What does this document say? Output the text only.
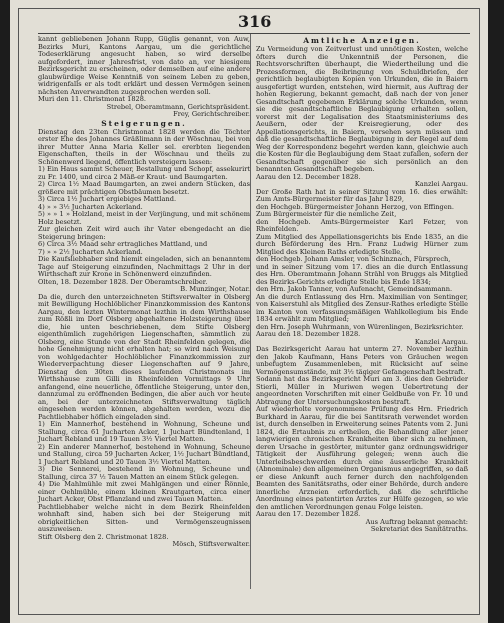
316

kannt gebliebenen Johann Rupp, Güglis genannt, von Auw, Bezirks Muri, Kantons Aargau, um die gerichtliche Todeserklärung angesucht haben, so wird derselbe aufgefordert, inner Jahresfrist, von dato an, vor hiesigem Bezirksgericht zu erscheinen, oder demselben auf eine andere glaubwürdige Weise Kenntniß von seinem Leben zu geben, widrigenfalls er als todt erklärt und dessen Vermögen seinen nächsten Anverwandten zugesprochen werden soll.

Muri den 11. Christmonat 1828.

Strebel, Oberamtmann, Gerichtspräsident.

Frey, Gerichtschreiber.

Steigerungen.

Dienstag den 23ten Christmonat 1828 werden die Töchter erster Ehe des Johannes Gräßlimann in der Wöschnau, bei von ihrer Mutter Anna Maria Keller sel. ererbten liegenden Eigenschaften, theils in der Wöschnau und theils zu Schönenwerd liegend, öffentlich versteigern lassen:

1) Ein Haus sammt Scheuer, Bestallung und Schopf, assekurirt zu Fr. 1400, und circa 2 Mäß-er Kraut- und Baumgarten.

2) Circa 1½ Maad Baumgarten, an zwei andern Stücken, das größere mit prächtigen Obstbäumen besetzt.

3) Circa 1½ Juchart ergiebiges Mattland.

4) » » 3½ Jucharten Ackerland.

5) » » 1 » Holzland, meist in der Verjüngung, und mit schönem Holz besetzt.

Zur gleichen Zeit wird auch ihr Vater ebengedacht an die Steigerung bringen:

6) Circa 3½ Maad sehr ertragliches Mattland, und

7) » » 2½ Jucharten Ackerland.

Die Kaufsliebhaber sind hiemit eingeladen, sich an benanntem Tage auf Steigerung einzufinden, Nachmittags 2 Uhr in der Wirthschaft zur Krone in Schönenwerd einzufinden.

Olten, 18. Dezember 1828. Der Oberamtschreiber.

B. Munzinger, Notar.

Da die, durch den unterzeichneten Stiftsverwalter in Olsberg mit Bewilligung Hochlöblicher Finanzkommission des Kantons Aargau, den lezten Wintermonat lezthin in dem Wirthshause zum Rößli im Dorf Olsberg abgehaltene Holzsteigerung über die, hie unten beschriebenen, dem Stifte Olsberg eigenthümlich zugehörigen Liegenschaften, sämmtlich zu Olsberg, eine Stunde von der Stadt Rheinfelden gelegen, die hohe Genehmigung nicht erhalten hat; so wird nach Weisung von wohlgedachter Hochlöblicher Finanzkommission zur Wiederverpachtung dieser Liegenschaften auf 9 Jahre, Dienstag den 30ten dieses laufenden Christmonats im Wirthshause zum Gilli in Rheinfelden Vormittags 9 Uhr anfangend, eine neuerliche, öffentliche Steigerung, unter den, dannzumal zu eröffnenden Bedingen, die aber auch vor heute an, bei der unterzeichneten Stiftsverwaltung täglich eingesehen werden können, abgehalten werden, wozu die Pachtliebhaber höflich eingeladen sind.

1) Ein Mannerhof, bestehend in Wohnung, Scheune und Stallung, circa 61 Jucharten Acker, 1 Juchart Bündtenland, 1 Juchart Rebland und 19 Tauen 3½ Viertel Matten.

2) Ein anderer Mannerhof, bestehend in Wohnung, Scheune und Stallung, circa 59 Jucharten Acker, 1½ Juchart Bündtland, 1 Juchart Rebland und 20 Tauen 3½ Viertel Matten.

3) Die Sennerei, bestehend in Wohnung, Scheune und Stallung, circa 37 ½ Tauen Matten an einem Stück gelegen.

4) Die Mahlmühle mit zwei Mahlgängen und einer Rönnle, einer Oehlmühle, einem kleinen Krautgarten, circa einer Juchart Acker, Obst Pflanzland und zwei Tauen Matten.

Pachtliebhaber welche nicht in dem Bezirk Rheinfelden wohnhaft sind, haben sich bei der Steigerung mit obrigkeitlichen Sitten- und Vermögenszeugnissen auszuweisen.

Stift Olsberg den 2. Christmonat 1828.

Mösch, Stiftsverwalter.

Amtliche Anzeigen.

Zu Vermeidung von Zeitverlust und unnötigen Kosten, welche öfters durch die Unkenntniß der Personen, die Rechtsvorschriften überhaupt, die Wiedertheilung und die Prozessformen, die Beibringung von Schuldbriefen, der gerichtlich beglaubigten Kopien von Urkunden, die in Baiern ausgefertigt wurden, entstehen, wird hiermit, aus Auftrag der hohen Regierung, bekannt gemacht, daß nach der von jener Gesandtschaft gegebenen Erklärung solche Urkunden, wenn sie die gesandtschaftliche Beglaubigung erhalten sollen, vorerst mit der Legalisation des Staatsministeriums des Aeußern, oder der Kreisregierung, oder des Appellationsgerichts, in Baiern, versehen seyn müssen und daß die gesandtschaftliche Beglaubigung in der Regel auf dem Weg der Korrespondenz begehrt werden kann, gleichwie auch die Kosten für die Beglaubigung dem Staat zufallen, sofern der Gesandtschaft gegenüber sie sich persönlich an den benannten Gesandtschaft begeben.

Aarau den 12. December 1828.

Kanzlei Aargau.

Der Große Rath hat in seiner Sitzung vom 16. dies erwählt: Zum Amts-Bürgermeister für das Jahr 1829,

den Hochgeb. Bürgermeister Johann Herzog, von Effingen.

Zum Bürgermeister für die nemliche Zeit,

den Hochgeb. Amts-Bürgermeister Karl Fetzer, von Rheinfelden.

Zum Mitglied des Appellationsgerichts bis Ende 1835, an die durch Beförderung des Hrn. Franz Ludwig Hürner zum Mitglied des Kleinen Raths erledigte Stelle,

den Hochgeb. Johann Amsler, von Schinznach, Fürsprech,

und in seiner Sitzung vom 17. dies an die durch Entlassung des Hrn. Oberamtmann Johann Strähl von Bruggs als Mitglied des Bezirks-Gerichts erledigte Stelle bis Ende 1834;

den Hrn. Jakob Tanner, von Aufenacht, Gemeindsammann.

An die durch Entlassung des Hrn. Maximilian von Sentinger, von Kaiserstuhl als Mitglied des Zensur-Rathes erledigte Stelle im Kanton von verfassungsmäßigen Wahlkollegium bis Ende 1834 erwählt zum Mitglied;

den Hrn. Joseph Wuhrmann, von Würenlingen, Bezirksrichter.

Aarau den 18. Dezember 1828.

Kanzlei Aargau.

Das Bezirksgericht Aarau hat unterm 27. November lezthin den Jakob Kaufmann, Hans Peters von Gräuchen wegen unbefugtem Zusammenleben, mit Rücksicht auf seine Vermögensumstände, mit 3½ tägiger Gefangenschaft bestraft.

Sodann hat das Bezirksgericht Muri am 3. dies den Gebrüder Stierli, Müller in Muriwen wegen Uebertretung der angeordneten Vorschriften mit einer Geldbuße von Fr. 10 und Abtragung der Untersuchungskosten bestraft.

Auf wiederholte vorgenommene Prüfung des Hrn. Friedrich Burkhard in Aarau, für die bei Santitsrath verwendet worden ist, durch denselben in Erweiterung seines Patents vom 2. Juni 1824, die Ertaubnis zu ertheilen, die Behandlung aller jener langwierigen chronischen Krankheiten über sich zu nehmen, deren Ursache in gestörter, mitunter ganz ordnungswidriger Tätigkeit der Ausführung gelegen; wenn auch die Unterleibsbeschwerden durch eine äusserliche Krankheit (Abnominale) den allgemeinen Organismus angegriffen, so daß er diese Ankunft auch ferner durch den nachfolgenden Beamten des Sanitätsraths, oder einer Behörde, durch andere innerliche Arzneien erforderlich, daß die schriftliche Anordnung eines patentirten Arztes zur Hülfe gezogen, so wie den amtlichen Verordnungen genau Folge leisten.

Aarau den 17. Dezember 1828.

Aus Auftrag bekannt gemacht:

Sekretariat des Sanitätraths.
